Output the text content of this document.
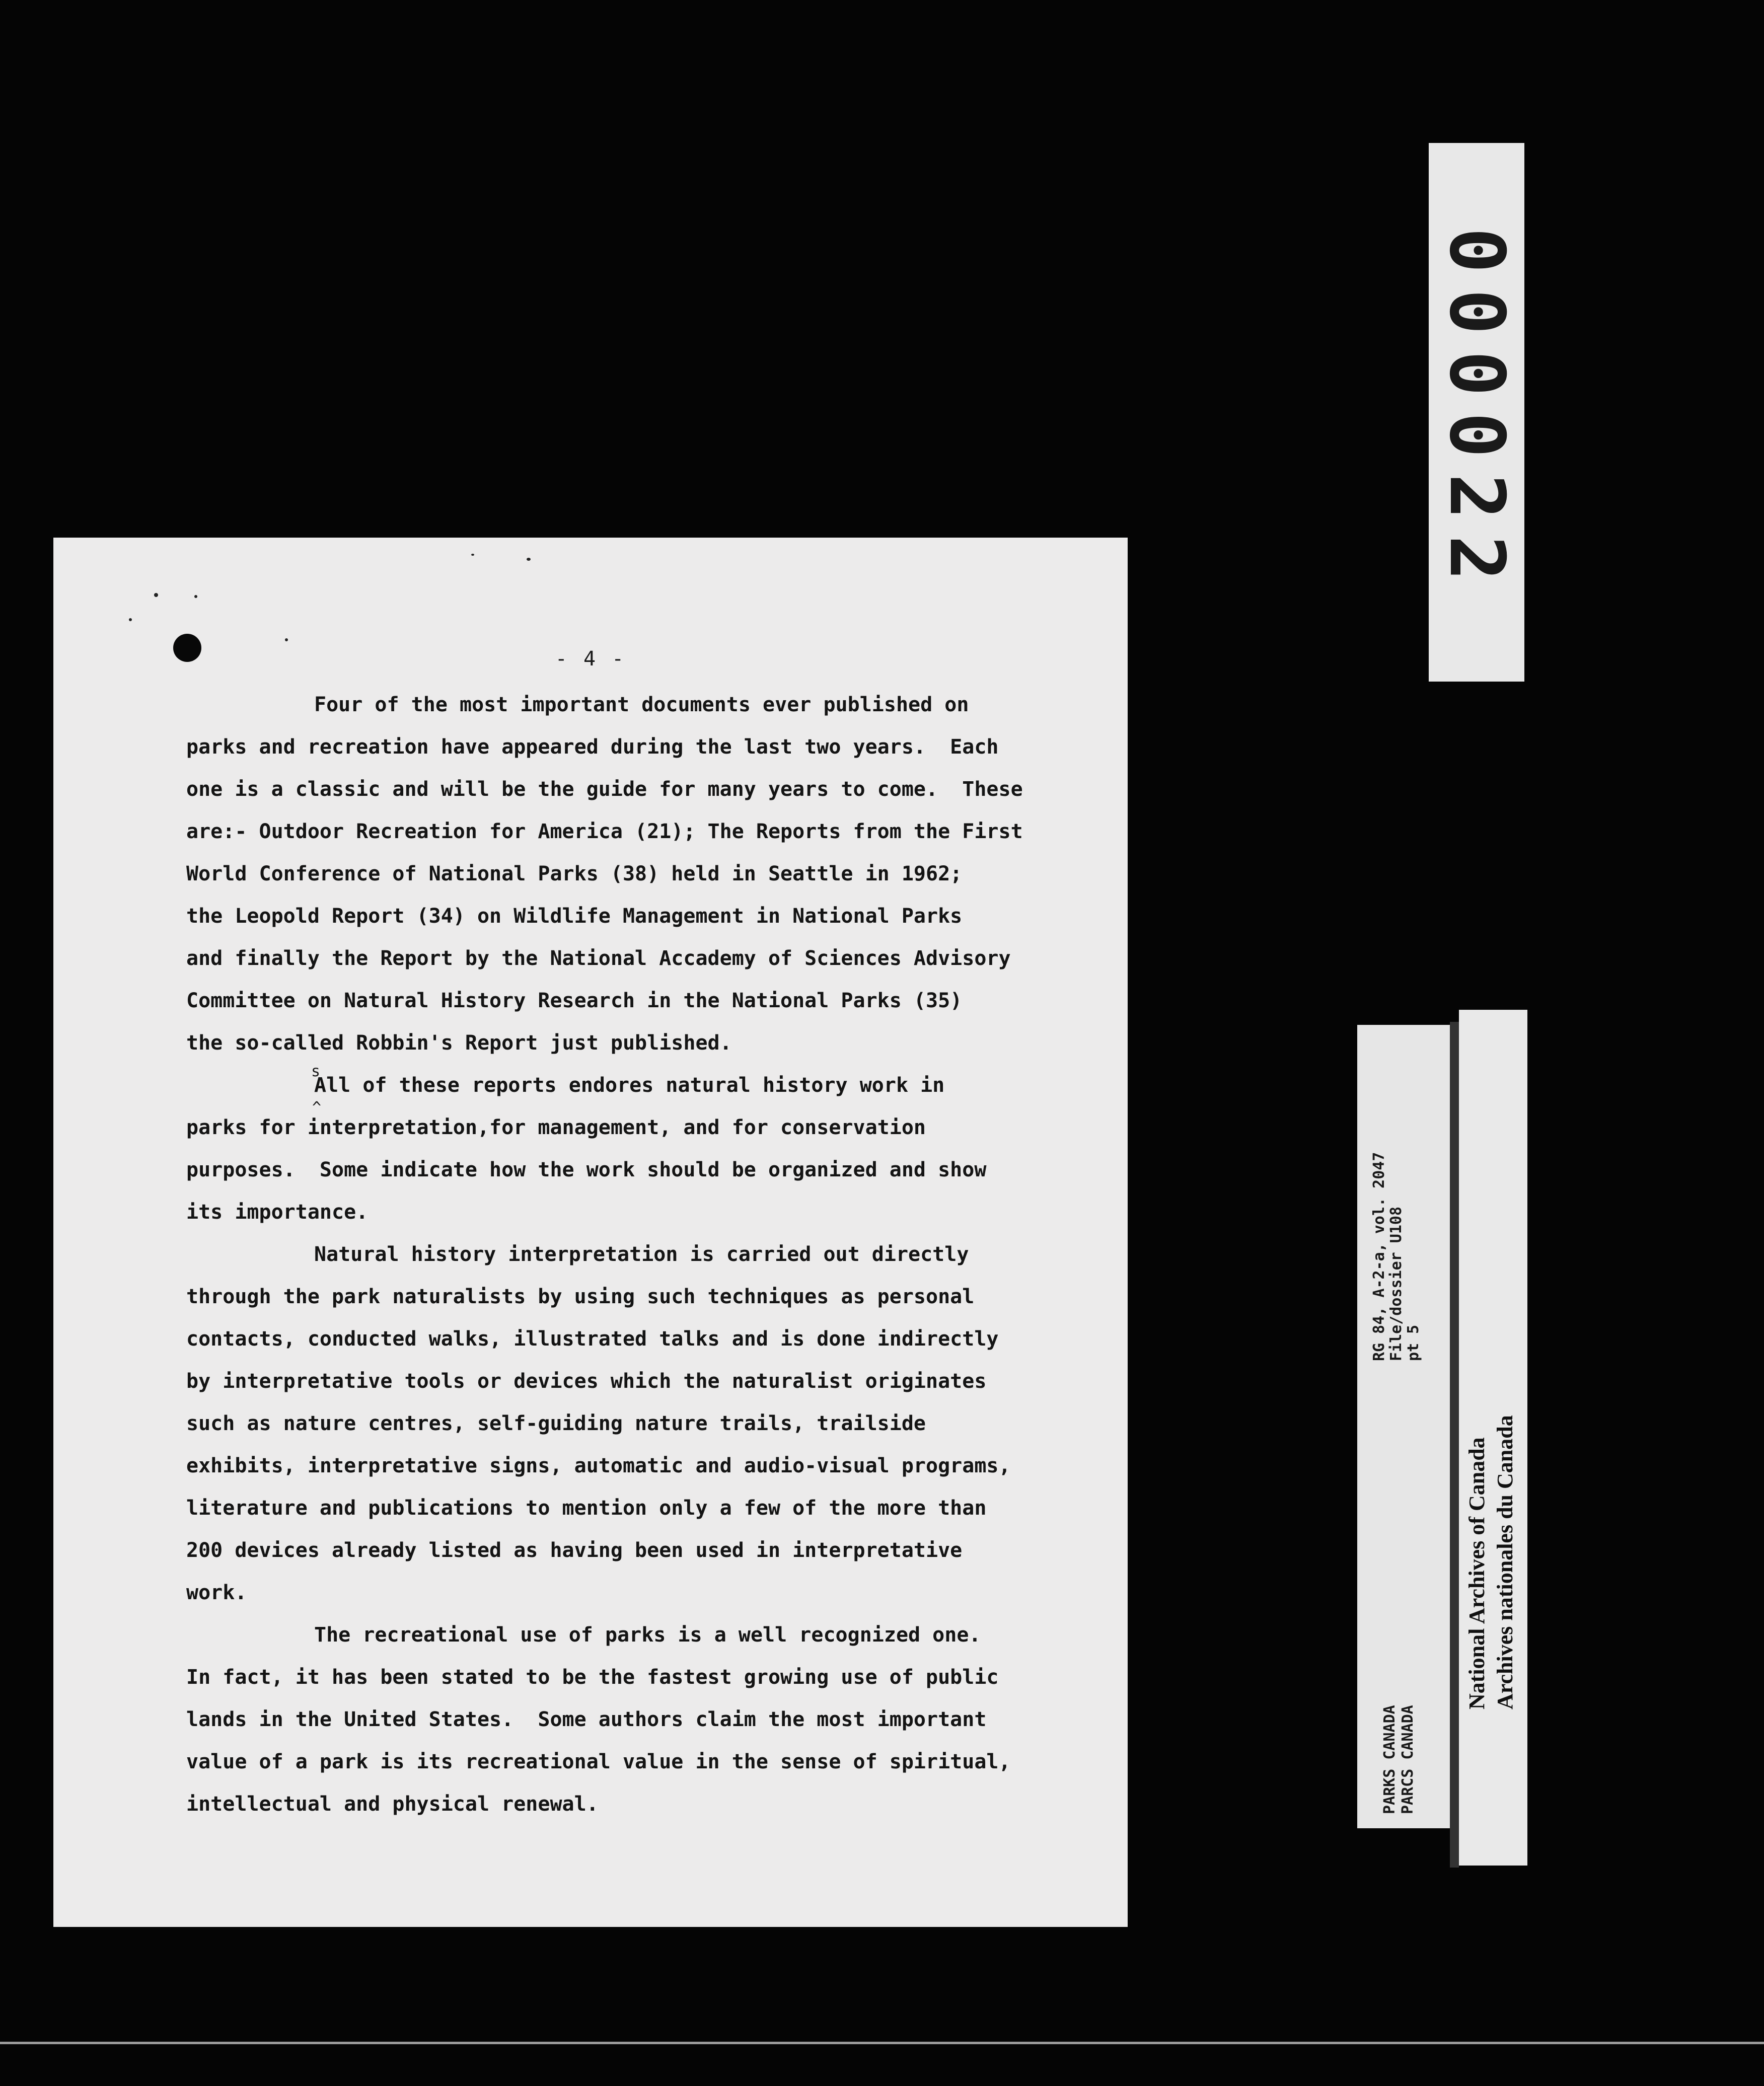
- 4 -
Four of the most important documents ever published on
parks and recreation have appeared during the last two years.  Each
one is a classic and will be the guide for many years to come.  These
are:- Outdoor Recreation for America (21); The Reports from the First
World Conference of National Parks (38) held in Seattle in 1962;
the Leopold Report (34) on Wildlife Management in National Parks
and finally the Report by the National Accademy of Sciences Advisory
Committee on Natural History Research in the National Parks (35)
the so-called Robbin's Report just published.
s
^
All of these reports endores natural history work in
parks for interpretation,for management, and for conservation
purposes.  Some indicate how the work should be organized and show
its importance.
Natural history interpretation is carried out directly
through the park naturalists by using such techniques as personal
contacts, conducted walks, illustrated talks and is done indirectly
by interpretative tools or devices which the naturalist originates
such as nature centres, self-guiding nature trails, trailside
exhibits, interpretative signs, automatic and audio-visual programs,
literature and publications to mention only a few of the more than
200 devices already listed as having been used in interpretative
work.
The recreational use of parks is a well recognized one.
In fact, it has been stated to be the fastest growing use of public
lands in the United States.  Some authors claim the most important
value of a park is its recreational value in the sense of spiritual,
intellectual and physical renewal.
000022
PARKS CANADA PARCS CANADA
RG 84, A-2-a, vol. 2047 File/dossier U108 pt 5
National Archives of Canada Archives nationales du Canada
